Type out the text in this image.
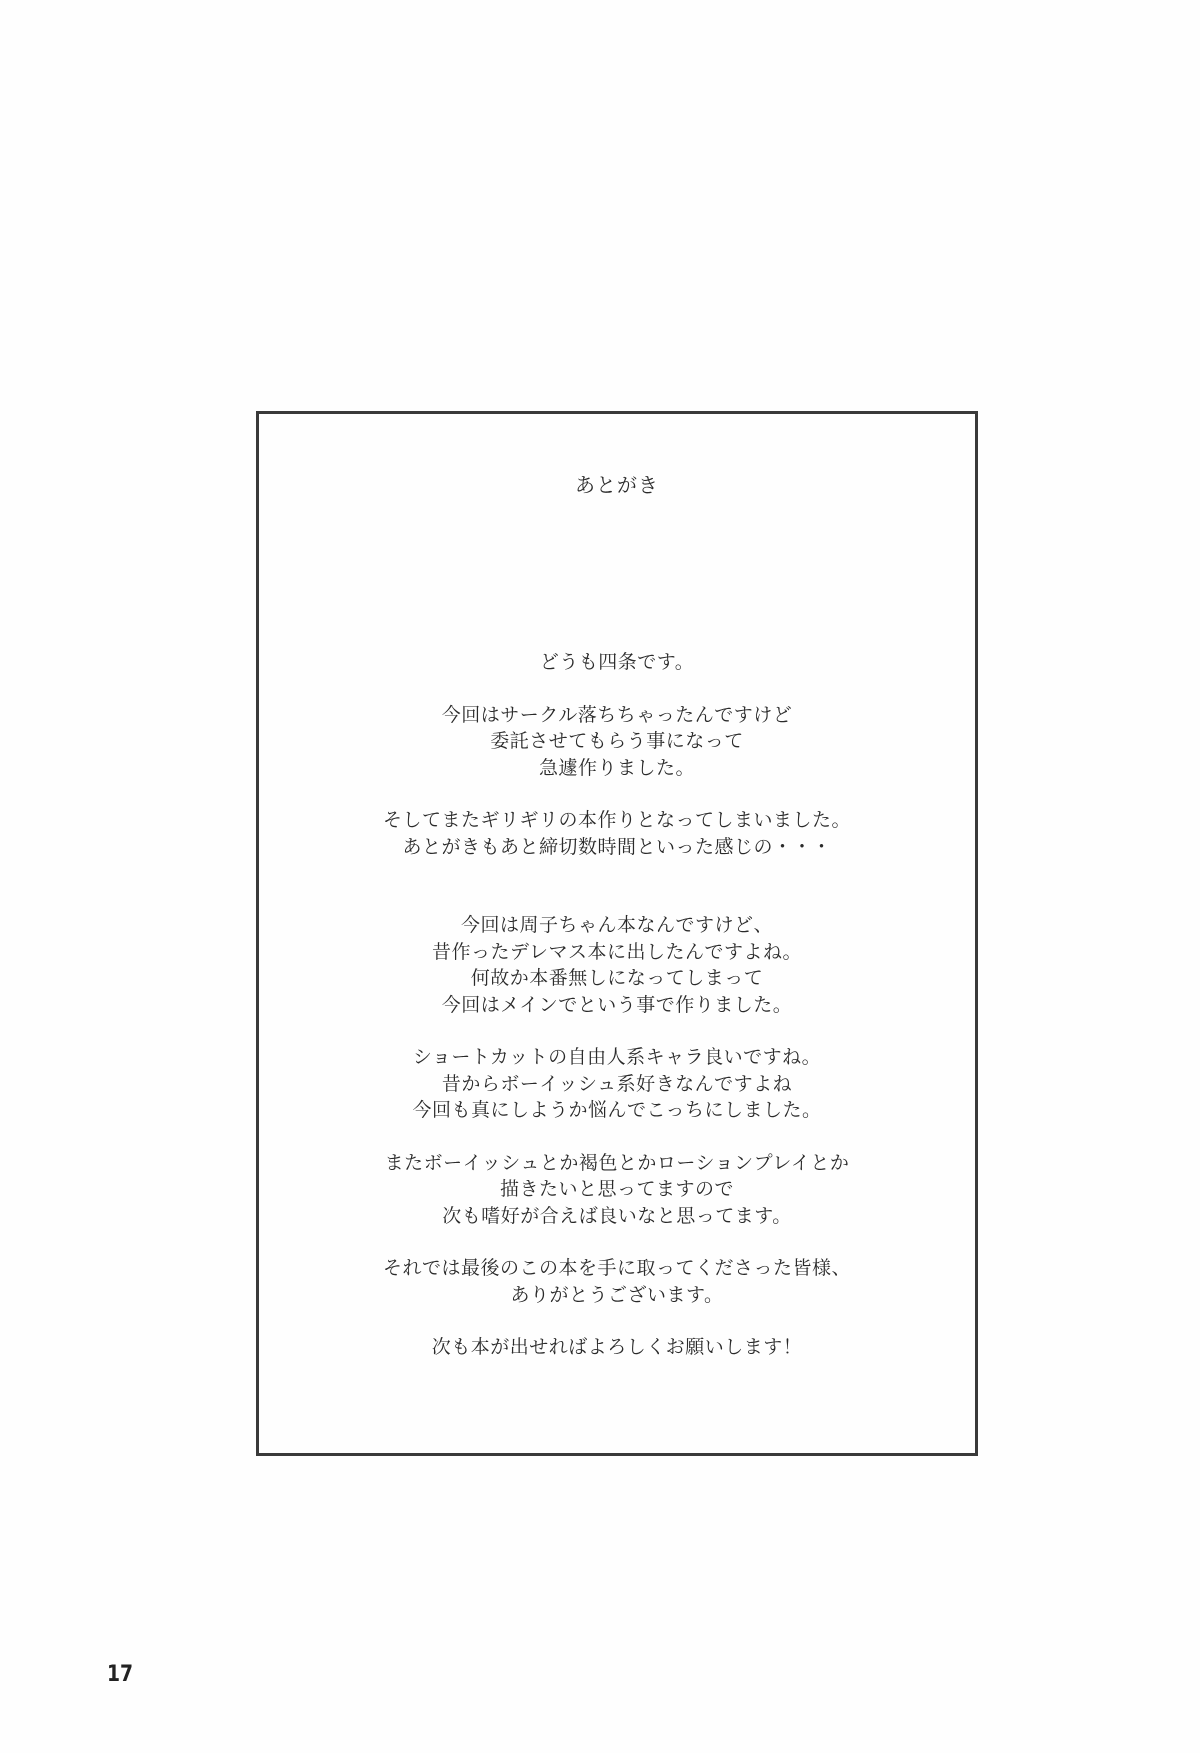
あとがき

どうも四条です。

今回はサークル落ちちゃったんですけど
委託させてもらう事になって
急遽作りました。

そしてまたギリギリの本作りとなってしまいました。
あとがきもあと締切数時間といった感じの・・・

今回は周子ちゃん本なんですけど、
昔作ったデレマス本に出したんですよね。
何故か本番無しになってしまって
今回はメインでという事で作りました。

ショートカットの自由人系キャラ良いですね。
昔からボーイッシュ系好きなんですよね
今回も真にしようか悩んでこっちにしました。

またボーイッシュとか褐色とかローションプレイとか
描きたいと思ってますので
次も嗜好が合えば良いなと思ってます。

それでは最後のこの本を手に取ってくださった皆様、
ありがとうございます。

次も本が出せればよろしくお願いします！

17
